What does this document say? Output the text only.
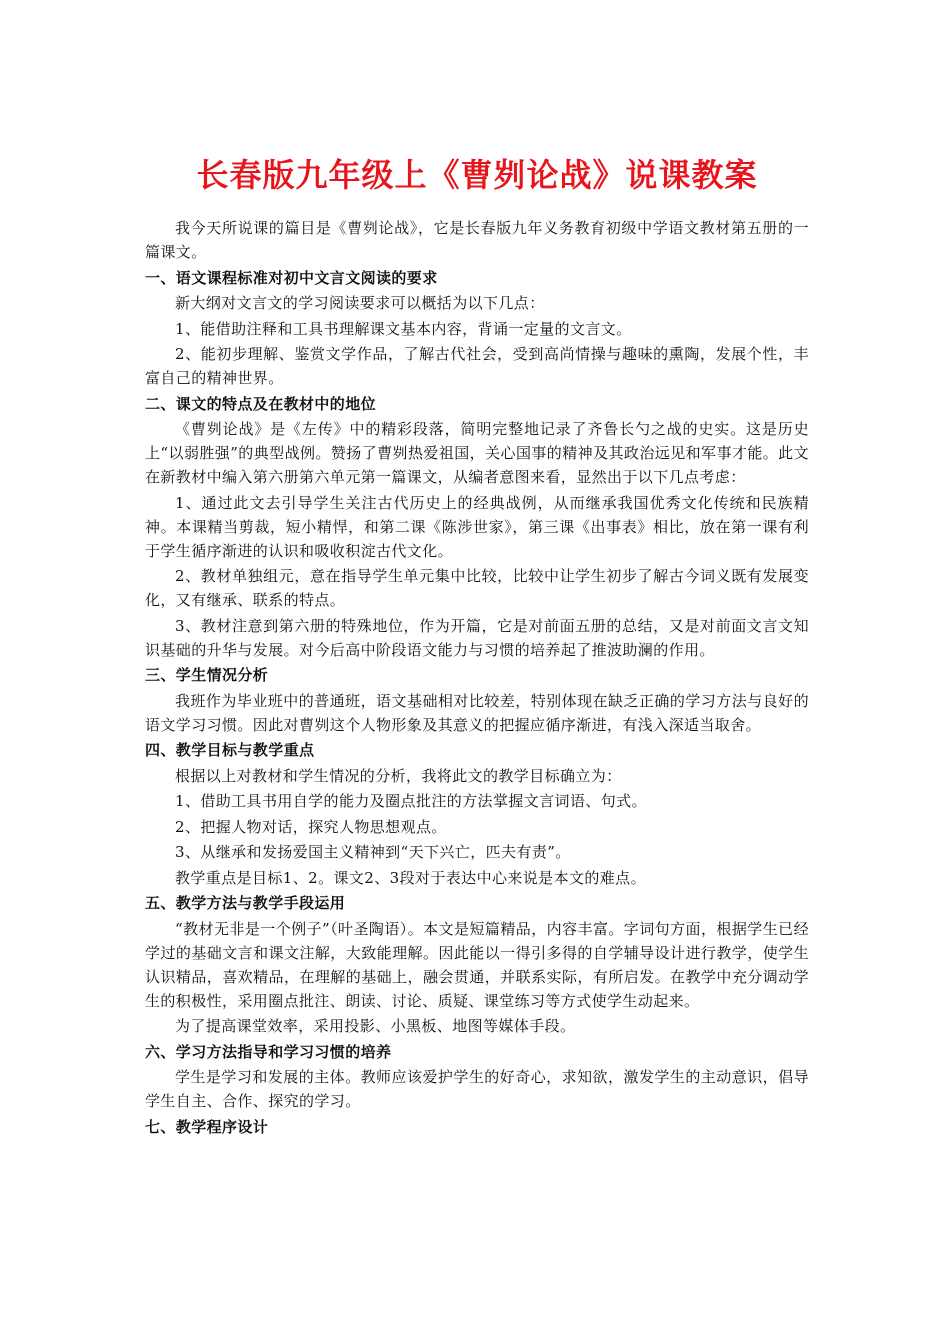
长春版九年级上《曹刿论战》说课教案
我今天所说课的篇目是《曹刿论战》，它是长春版九年义务教育初级中学语文教材第五册的一篇课文。
一、语文课程标准对初中文言文阅读的要求
新大纲对文言文的学习阅读要求可以概括为以下几点：
1、能借助注释和工具书理解课文基本内容，背诵一定量的文言文。
2、能初步理解、鉴赏文学作品，了解古代社会，受到高尚情操与趣味的熏陶，发展个性，丰富自己的精神世界。
二、课文的特点及在教材中的地位
《曹刿论战》是《左传》中的精彩段落，简明完整地记录了齐鲁长勺之战的史实。这是历史上“以弱胜强”的典型战例。赞扬了曹刿热爱祖国，关心国事的精神及其政治远见和军事才能。此文在新教材中编入第六册第六单元第一篇课文，从编者意图来看，显然出于以下几点考虑：
1、通过此文去引导学生关注古代历史上的经典战例，从而继承我国优秀文化传统和民族精神。本课精当剪裁，短小精悍，和第二课《陈涉世家》，第三课《出事表》相比，放在第一课有利于学生循序渐进的认识和吸收积淀古代文化。
2、教材单独组元，意在指导学生单元集中比较，比较中让学生初步了解古今词义既有发展变化，又有继承、联系的特点。
3、教材注意到第六册的特殊地位，作为开篇，它是对前面五册的总结，又是对前面文言文知识基础的升华与发展。对今后高中阶段语文能力与习惯的培养起了推波助澜的作用。
三、学生情况分析
我班作为毕业班中的普通班，语文基础相对比较差，特别体现在缺乏正确的学习方法与良好的语文学习习惯。因此对曹刿这个人物形象及其意义的把握应循序渐进，有浅入深适当取舍。
四、教学目标与教学重点
根据以上对教材和学生情况的分析，我将此文的教学目标确立为：
1、借助工具书用自学的能力及圈点批注的方法掌握文言词语、句式。
2、把握人物对话，探究人物思想观点。
3、从继承和发扬爱国主义精神到“天下兴亡，匹夫有责”。
教学重点是目标1、2。课文2、3段对于表达中心来说是本文的难点。
五、教学方法与教学手段运用
“教材无非是一个例子”（叶圣陶语）。本文是短篇精品，内容丰富。字词句方面，根据学生已经学过的基础文言和课文注解，大致能理解。因此能以一得引多得的自学辅导设计进行教学，使学生认识精品，喜欢精品，在理解的基础上，融会贯通，并联系实际，有所启发。在教学中充分调动学生的积极性，采用圈点批注、朗读、讨论、质疑、课堂练习等方式使学生动起来。
为了提高课堂效率，采用投影、小黑板、地图等媒体手段。
六、学习方法指导和学习习惯的培养
学生是学习和发展的主体。教师应该爱护学生的好奇心，求知欲，激发学生的主动意识，倡导学生自主、合作、探究的学习。
七、教学程序设计
